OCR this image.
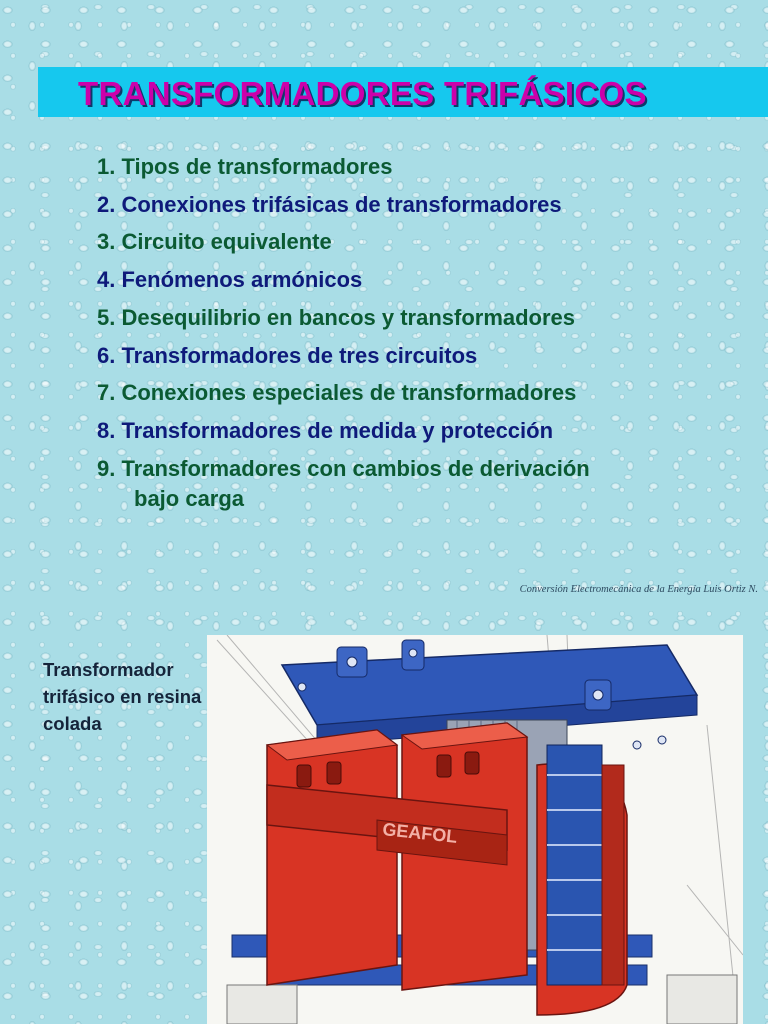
TRANSFORMADORES TRIFÁSICOS
1. Tipos de transformadores
2. Conexiones trifásicas de transformadores
3. Circuito equivalente
4. Fenómenos armónicos
5. Desequilibrio en bancos y transformadores
6. Transformadores de tres circuitos
7. Conexiones especiales de transformadores
8. Transformadores de medida y protección
9. Transformadores con cambios de derivación
bajo carga
Conversión Electromecánica de la Energía Luis Ortiz N.
Transformador trifásico en resina colada
GEAFOL
